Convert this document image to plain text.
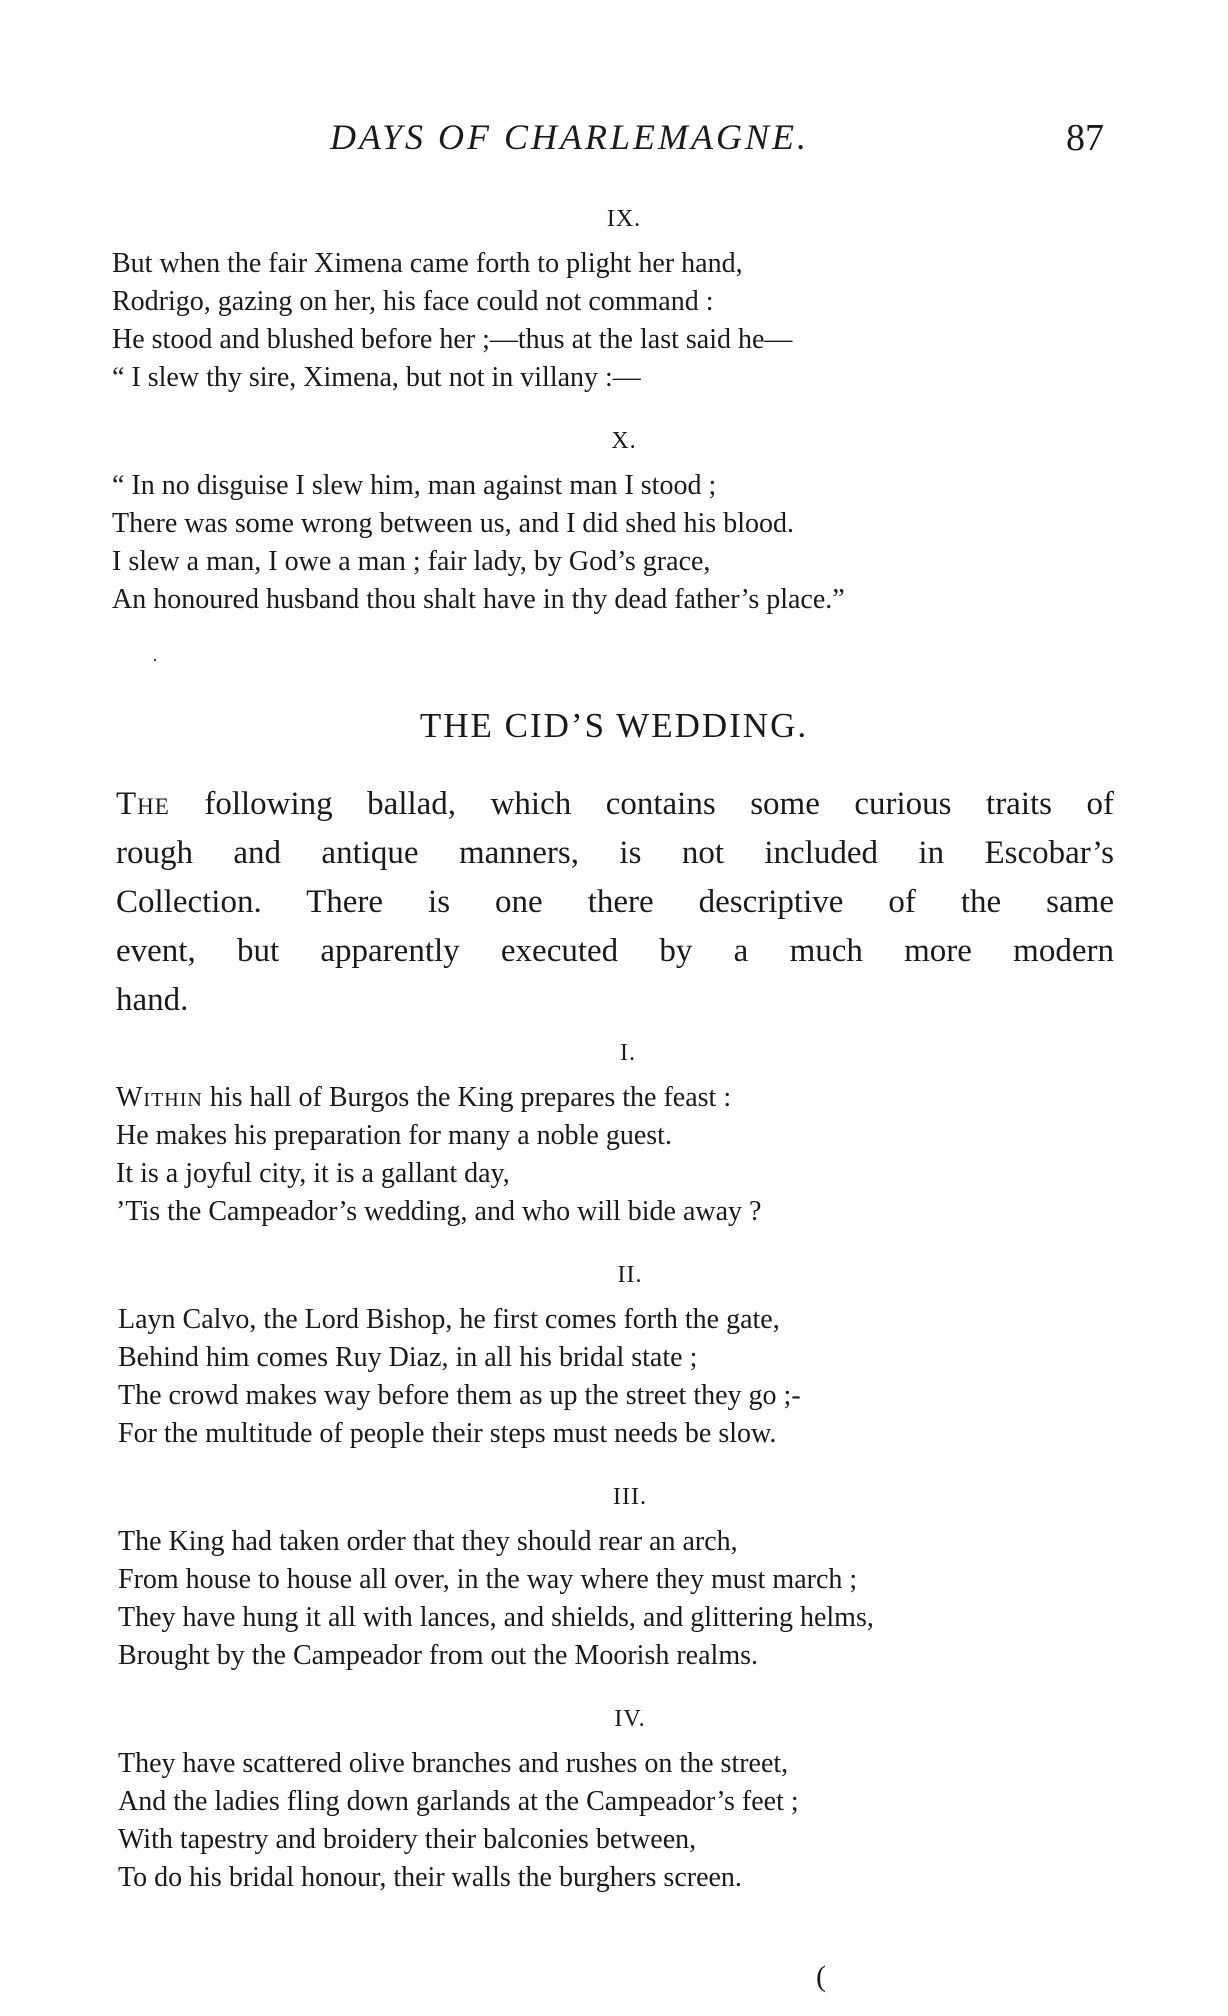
DAYS OF CHARLEMAGNE.	87
IX.
But when the fair Ximena came forth to plight her hand,
Rodrigo, gazing on her, his face could not command :
He stood and blushed before her ;—thus at the last said he—
“ I slew thy sire, Ximena, but not in villany :—
X.
“ In no disguise I slew him, man against man I stood ;
There was some wrong between us, and I did shed his blood.
I slew a man, I owe a man ; fair lady, by God’s grace,
An honoured husband thou shalt have in thy dead father’s place.”
·
THE CID’S WEDDING.
The following ballad, which contains some curious traits of
rough and antique manners, is not included in Escobar’s
Collection. There is one there descriptive of the same
event, but apparently executed by a much more modern
hand.
I.
Within his hall of Burgos the King prepares the feast :
He makes his preparation for many a noble guest.
It is a joyful city, it is a gallant day,
’Tis the Campeador’s wedding, and who will bide away ?
II.
Layn Calvo, the Lord Bishop, he first comes forth the gate,
Behind him comes Ruy Diaz, in all his bridal state ;
The crowd makes way before them as up the street they go ;-
For the multitude of people their steps must needs be slow.
III.
The King had taken order that they should rear an arch,
From house to house all over, in the way where they must march ;
They have hung it all with lances, and shields, and glittering helms,
Brought by the Campeador from out the Moorish realms.
IV.
They have scattered olive branches and rushes on the street,
And the ladies fling down garlands at the Campeador’s feet ;
With tapestry and broidery their balconies between,
To do his bridal honour, their walls the burghers screen.
(
